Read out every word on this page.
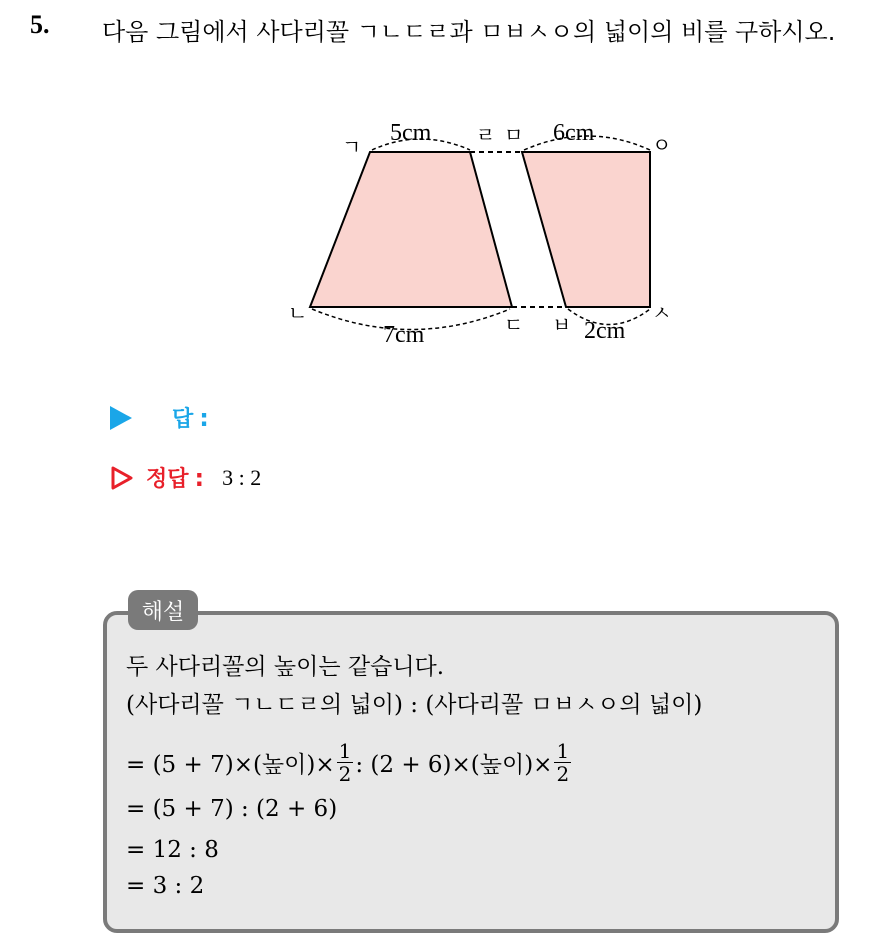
5. 다음 그림에서 사다리꼴 ㄱㄴㄷㄹ과 ㅁㅂㅅㅇ의 넓이의 비를 구하시오.
ㄱ
ㄴ	ㄷ
ㄹ ㅁ
ㅂ	ㅅ
ㅇ
5cm	6cm
7cm	2cm
답 :
정답 : 3 : 2
해설
두 사다리꼴의 높이는 같습니다.
(사다리꼴 ㄱㄴㄷㄹ의 넓이) : (사다리꼴 ㅁㅂㅅㅇ의 넓이)
= (5 + 7)×(높이)× $\frac{1}{2}$ : (2 + 6)×(높이)× $\frac{1}{2}$
= (5 + 7) : (2 + 6)
= 12 : 8
= 3 : 2
